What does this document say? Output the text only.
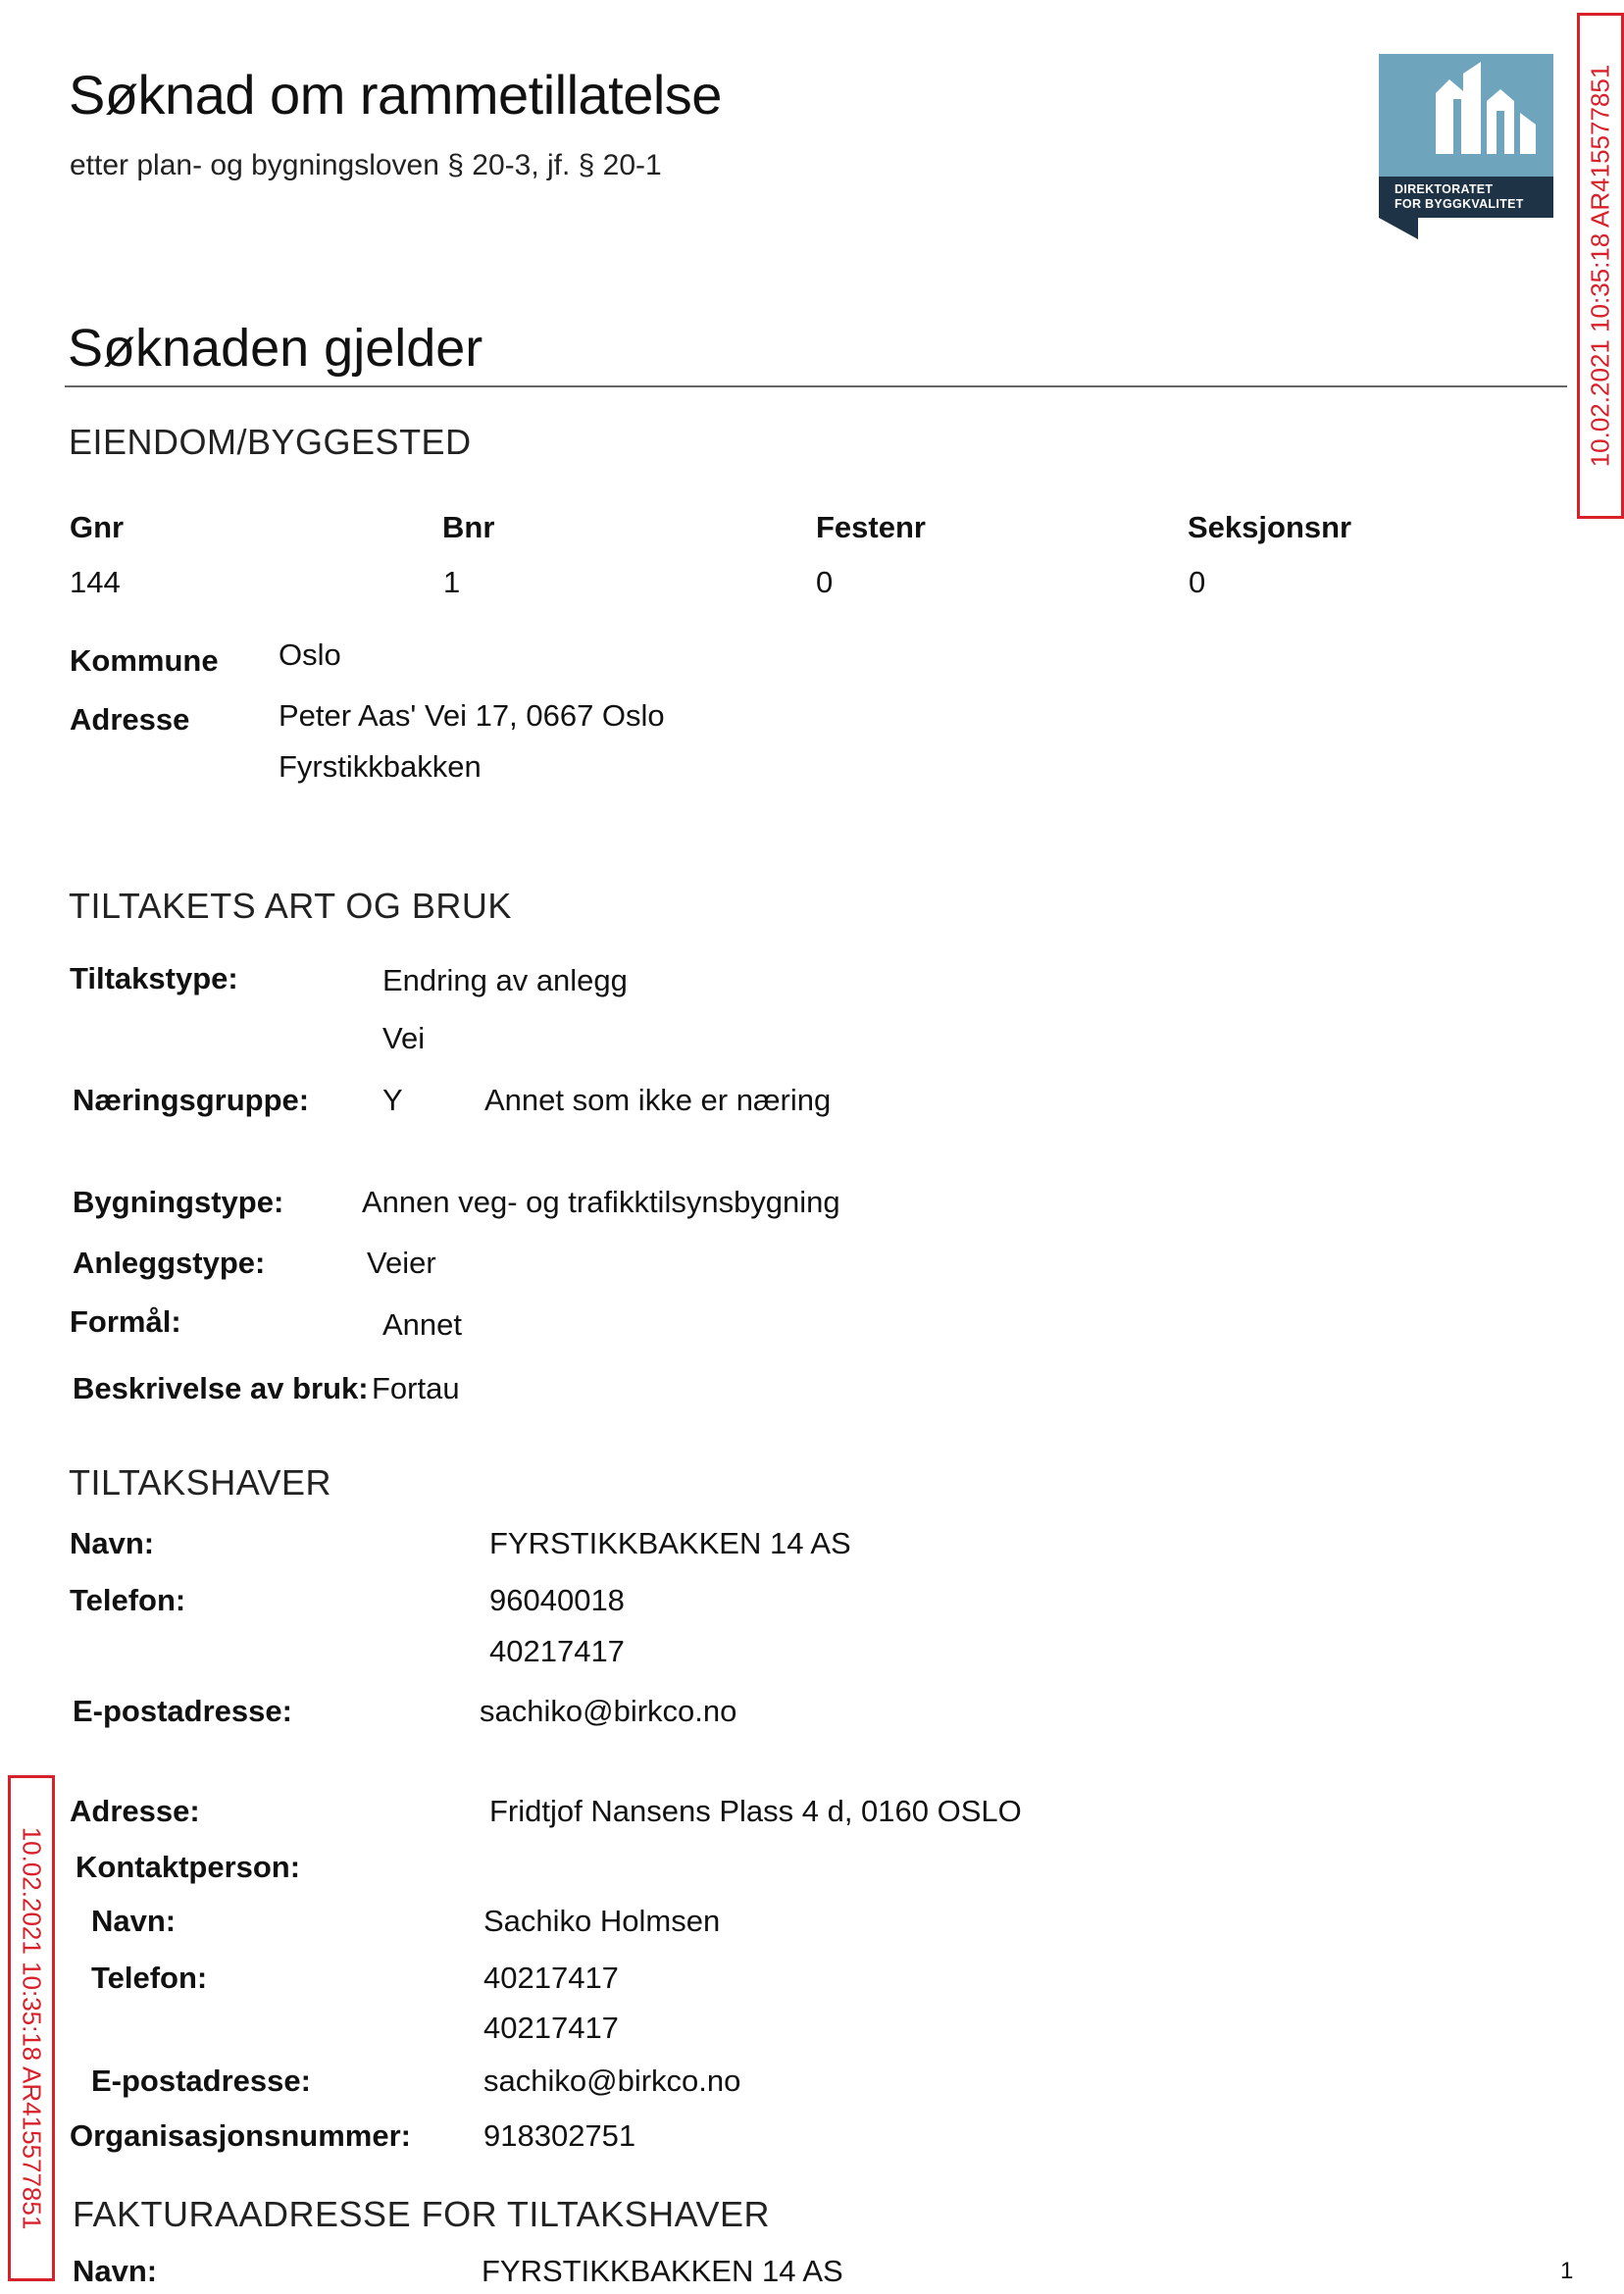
Søknad om rammetillatelse
etter plan- og bygningsloven § 20-3, jf. § 20-1
DIREKTORATET
FOR BYGGKVALITET	10.02.2021 10:35:18 AR415577851
10.02.2021 10:35:18 AR415577851
Søknaden gjelder
EIENDOM/BYGGESTED
Gnr	Bnr	Festenr	Seksjonsnr
144	1	0	0
Kommune Oslo
Adresse	Peter Aas' Vei 17, 0667 Oslo
Fyrstikkbakken
TILTAKETS ART OG BRUK
Tiltakstype:	Endring av anlegg
Vei
Næringsgruppe: Y	Annet som ikke er næring
Bygningstype:	Annen veg- og trafikktilsynsbygning
Anleggstype:	Veier
Formål:	Annet
Beskrivelse av bruk: Fortau
TILTAKSHAVER
Navn:	FYRSTIKKBAKKEN 14 AS
Telefon:	96040018
40217417
E-postadresse:	sachiko@birkco.no
Adresse:	Fridtjof Nansens Plass 4 d, 0160 OSLO
Kontaktperson:
Navn:	Sachiko Holmsen
Telefon:	40217417
40217417
E-postadresse:	sachiko@birkco.no
Organisasjonsnummer: 918302751
FAKTURAADRESSE FOR TILTAKSHAVER
Navn:	FYRSTIKKBAKKEN 14 AS	1
